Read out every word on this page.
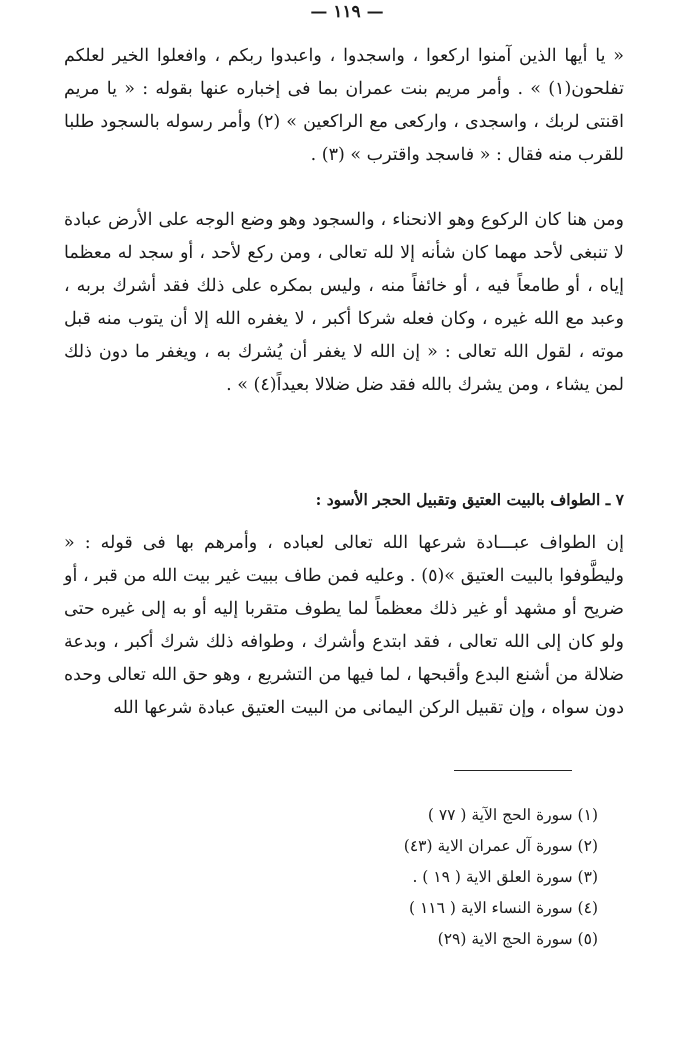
— ١١٩ —

« يا أيها الذين آمنوا اركعوا ، واسجدوا ، واعبدوا ربكم ، وافعلوا الخير لعلكم تفلحون(١) » . وأمر مريم بنت عمران بما فى إخباره عنها بقوله : « يا مريم اقنتى لربك ، واسجدى ، واركعى مع الراكعين » (٢) وأمر رسوله بالسجود طلبا للقرب منه فقال : « فاسجد واقترب » (٣) .

ومن هنا كان الركوع وهو الانحناء ، والسجود وهو وضع الوجه على الأرض عبادة لا تنبغى لأحد مهما كان شأنه إلا لله تعالى ، ومن ركع لأحد ، أو سجد له معظما إياه ، أو طامعاً فيه ، أو خائفاً منه ، وليس بمكره على ذلك فقد أشرك بربه ، وعبد مع الله غيره ، وكان فعله شركا أكبر ، لا يغفره الله إلا أن يتوب منه قبل موته ، لقول الله تعالى : « إن الله لا يغفر أن يُشرك به ، ويغفر ما دون ذلك لمن يشاء ، ومن يشرك بالله فقد ضل ضلالا بعيداً(٤) » .

٧ ـ الطواف بالبيت العتيق وتقبيل الحجر الأسود :

إن الطواف عبـــادة شرعها الله تعالى لعباده ، وأمرهم بها فى قوله : « وليطَّوفوا بالبيت العتيق »(٥) . وعليه فمن طاف ببيت غير بيت الله من قبر ، أو ضريح أو مشهد أو غير ذلك معظماً لما يطوف متقربا إليه أو به إلى غيره حتى ولو كان إلى الله تعالى ، فقد ابتدع وأشرك ، وطوافه ذلك شرك أكبر ، وبدعة ضلالة من أشنع البدع وأقبحها ، لما فيها من التشريع ، وهو حق الله تعالى وحده دون سواه ، وإن تقبيل الركن اليمانى من البيت العتيق عبادة شرعها الله

(١) سورة الحج الآية ( ٧٧ )
(٢) سورة آل عمران الاية (٤٣)
(٣) سورة العلق الاية ( ١٩ ) .
(٤) سورة النساء الاية ( ١١٦ )
(٥) سورة الحج الاية (٢٩)
